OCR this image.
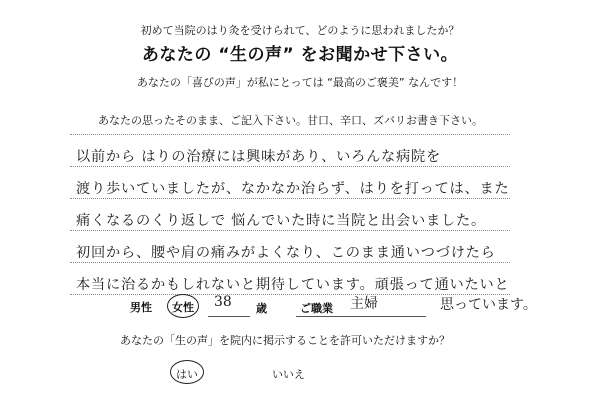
初めて当院のはり灸を受けられて、どのように思われましたか？
あなたの “生の声” をお聞かせ下さい。
あなたの「喜びの声」が私にとっては “最高のご褒美” なんです！
あなたの思ったそのまま、ご記入下さい。甘口、辛口、ズバリお書き下さい。
以前から はりの治療には興味があり、いろんな病院を
渡り歩いていましたが、なかなか治らず、はりを打っては、また
痛くなるのくり返しで 悩んでいた時に当院と出会いました。
初回から、腰や肩の痛みがよくなり、このまま通いつづけたら
本当に治るかもしれないと期待しています。頑張って通いたいと
男性 女性 38 歳	ご職業 主婦	思っています。
あなたの「生の声」を院内に掲示することを許可いただけますか？
はい	いいえ
